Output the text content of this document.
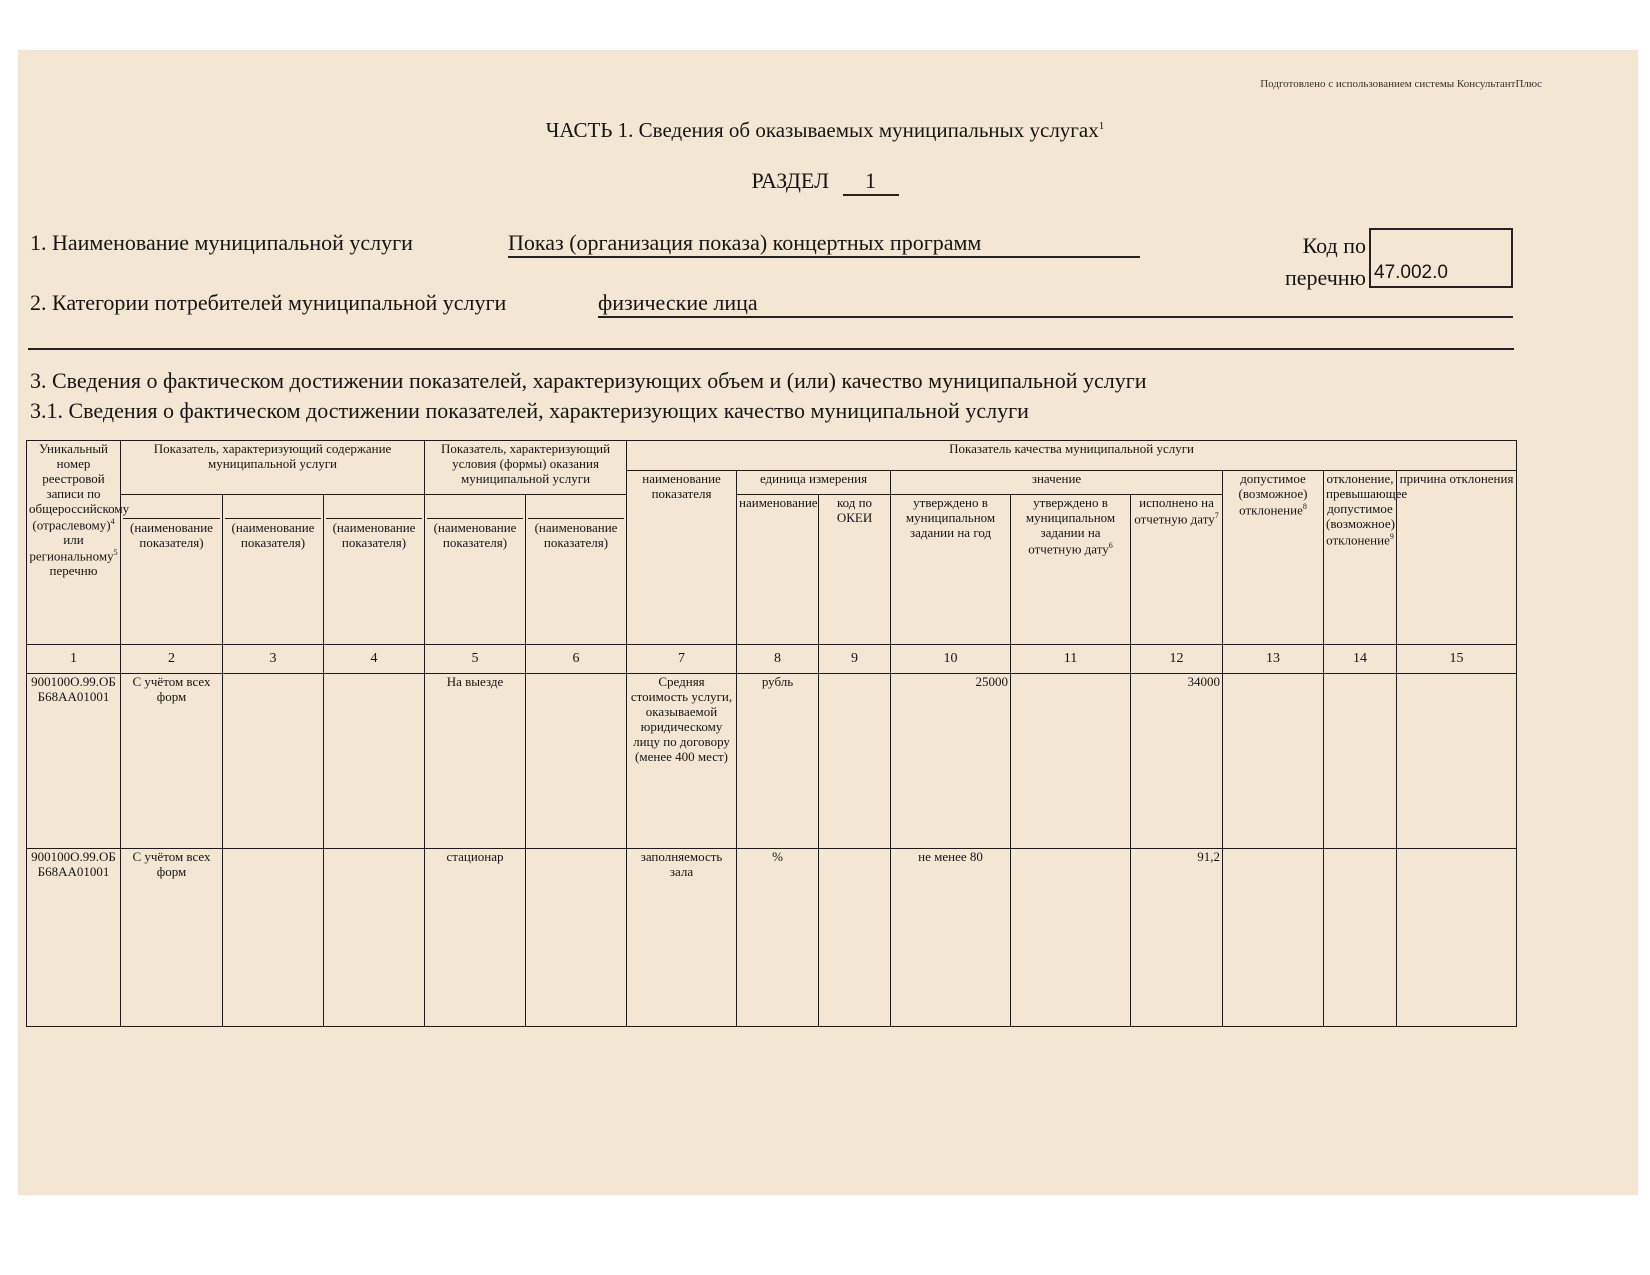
Подготовлено с использованием системы КонсультантПлюс
ЧАСТЬ 1. Сведения об оказываемых муниципальных услугах$^1$
РАЗДЕЛ 1
1. Наименование муниципальной услуги	Показ (организация показа) концертных программ	Код по
перечню 47.002.0
2. Категории потребителей муниципальной услуги	физические лица
3. Сведения о фактическом достижении показателей, характеризующих объем и (или) качество муниципальной услуги
3.1. Сведения о фактическом достижении показателей, характеризующих качество муниципальной услуги
Уникальный номер реестровой записи по общероссийскому (отраслевому)$^4$ или региональному$^5$ перечню	Показатель, характеризующий содержание муниципальной услуги			Показатель, характеризующий условия (формы) оказания муниципальной услуги		Показатель качества муниципальной услуги								
						наименование показателя	единица измерения		значение			допустимое (возможное) отклонение$^8$	отклонение, превышающее допустимое (возможное) отклонение$^9$	причина отклонения

	(наименование показателя)	(наименование показателя)	(наименование показателя)	(наименование показателя)	(наименование показателя)		наименование	код по ОКЕИ	утверждено в муниципальном задании на год	утверждено в муниципальном задании на отчетную дату$^6$	исполнено на отчетную дату$^7$
1	2	3	4	5	6	7	8	9	10	11	12	13	14	15
900100О.99.ОБ Б68АА01001	С учётом всех форм			На выезде		Средняя стоимость услуги, оказываемой юридическому лицу по договору (менее 400 мест)	рубль		25000		34000			
900100О.99.ОБ Б68АА01001	С учётом всех форм			стационар		заполняемость зала	%		не менее 80		91,2			
